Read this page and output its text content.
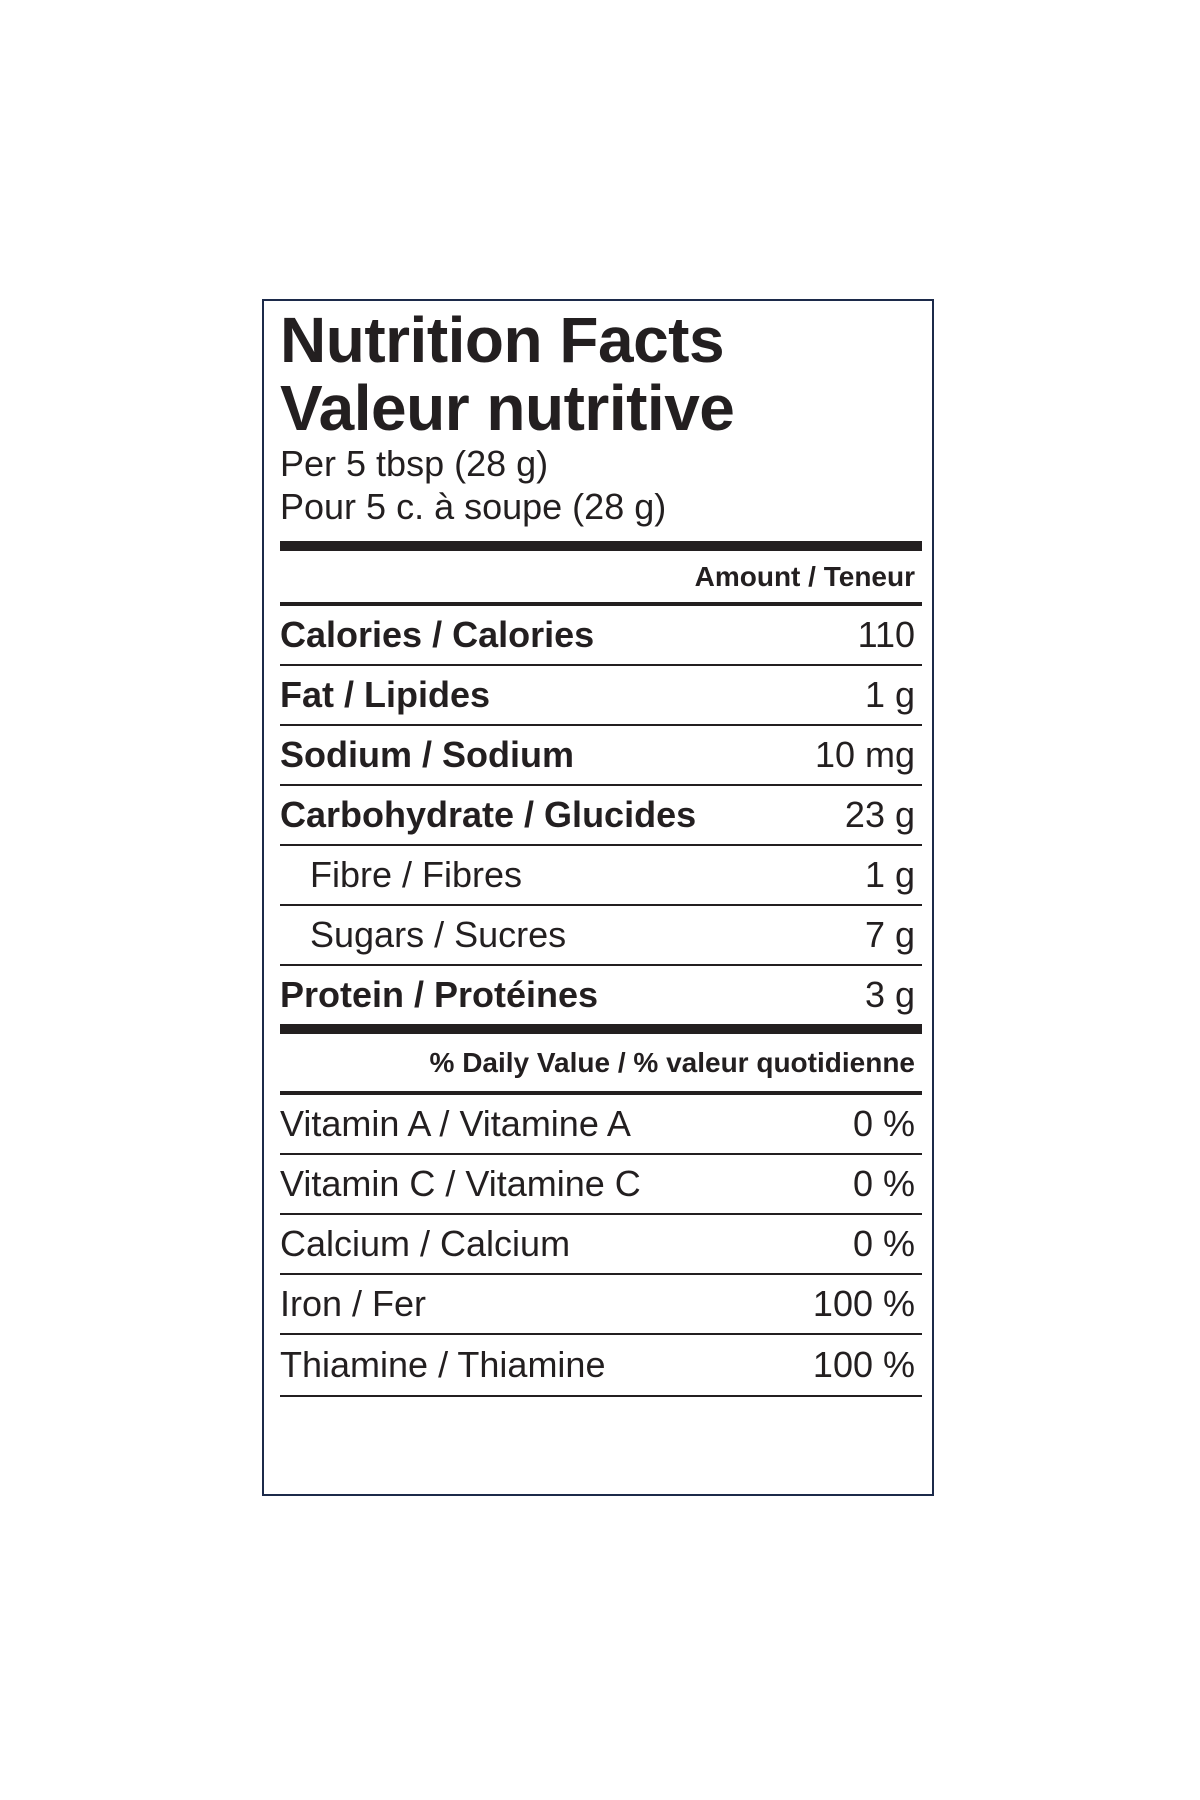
Nutrition Facts
Valeur nutritive
Per 5 tbsp (28 g)
Pour 5 c. à soupe (28 g)
Amount / Teneur
Calories / Calories	110
Fat / Lipides	1 g
Sodium / Sodium	10 mg
Carbohydrate / Glucides	23 g
Fibre / Fibres	1 g
Sugars / Sucres	7 g
Protein / Protéines	3 g
% Daily Value / % valeur quotidienne
Vitamin A / Vitamine A	0 %
Vitamin C / Vitamine C	0 %
Calcium / Calcium	0 %
Iron / Fer	100 %
Thiamine / Thiamine	100 %
